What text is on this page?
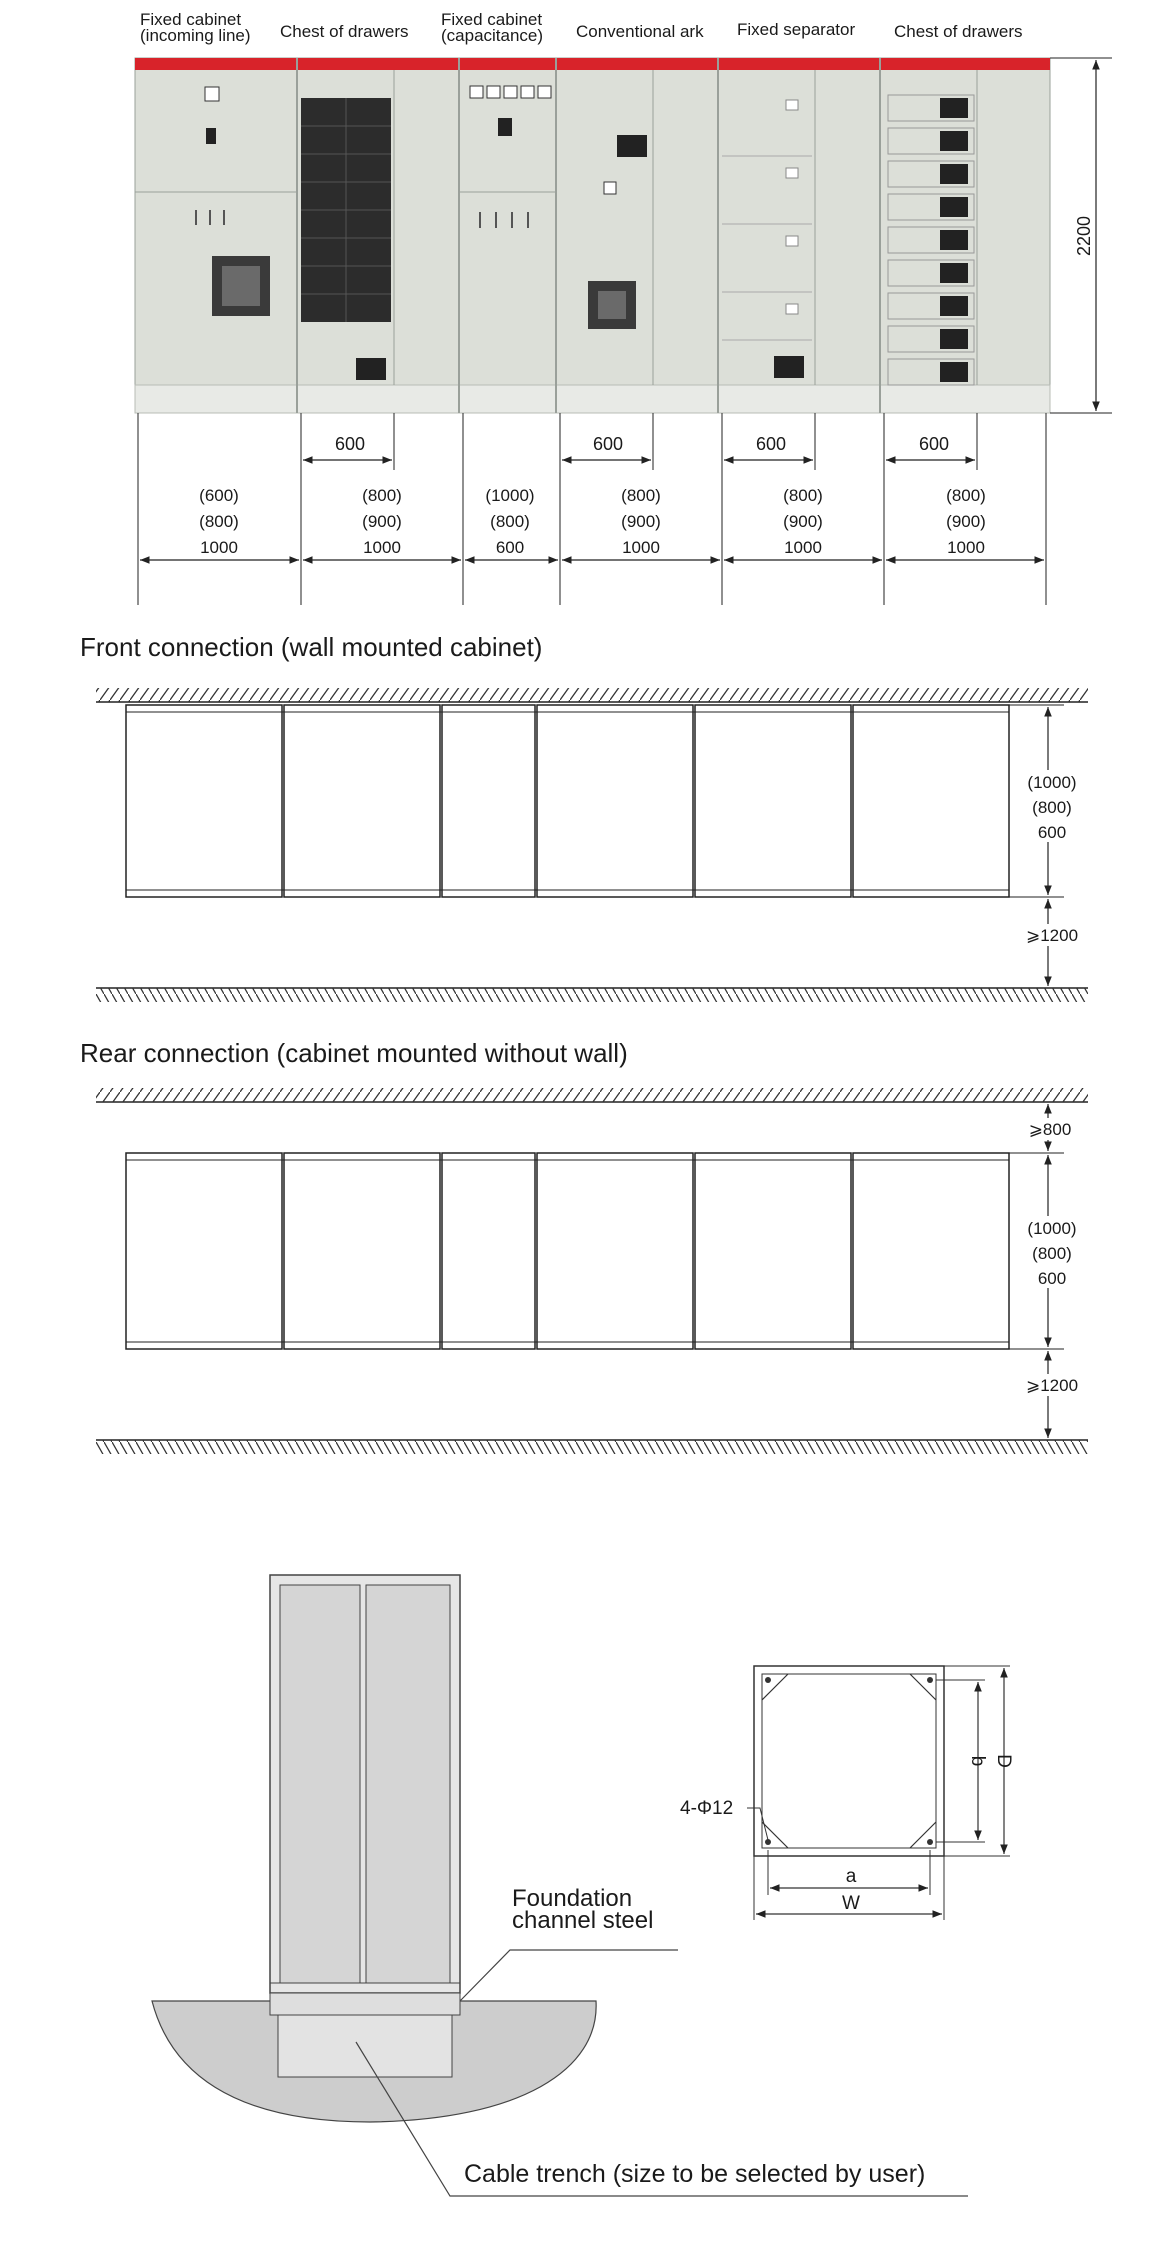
Fixed cabinet (incoming line) Chest of drawers
Fixed cabinet (capacitance) Conventional ark Fixed separator Chest of drawers
2200
600	600	600	600
(600) (800) 1000
(800) (900) 1000
(1000) (800) 600
(800) (900) 1000
(800) (900) 1000
(800) (900) 1000
Front connection (wall mounted cabinet)
(1000) (800) 600
⩾1200
Rear connection (cabinet mounted without wall)
⩾800
(1000) (800) 600
⩾1200
Foundation channel steel
Cable trench (size to be selected by user)
4-Φ12
a
W
b D
